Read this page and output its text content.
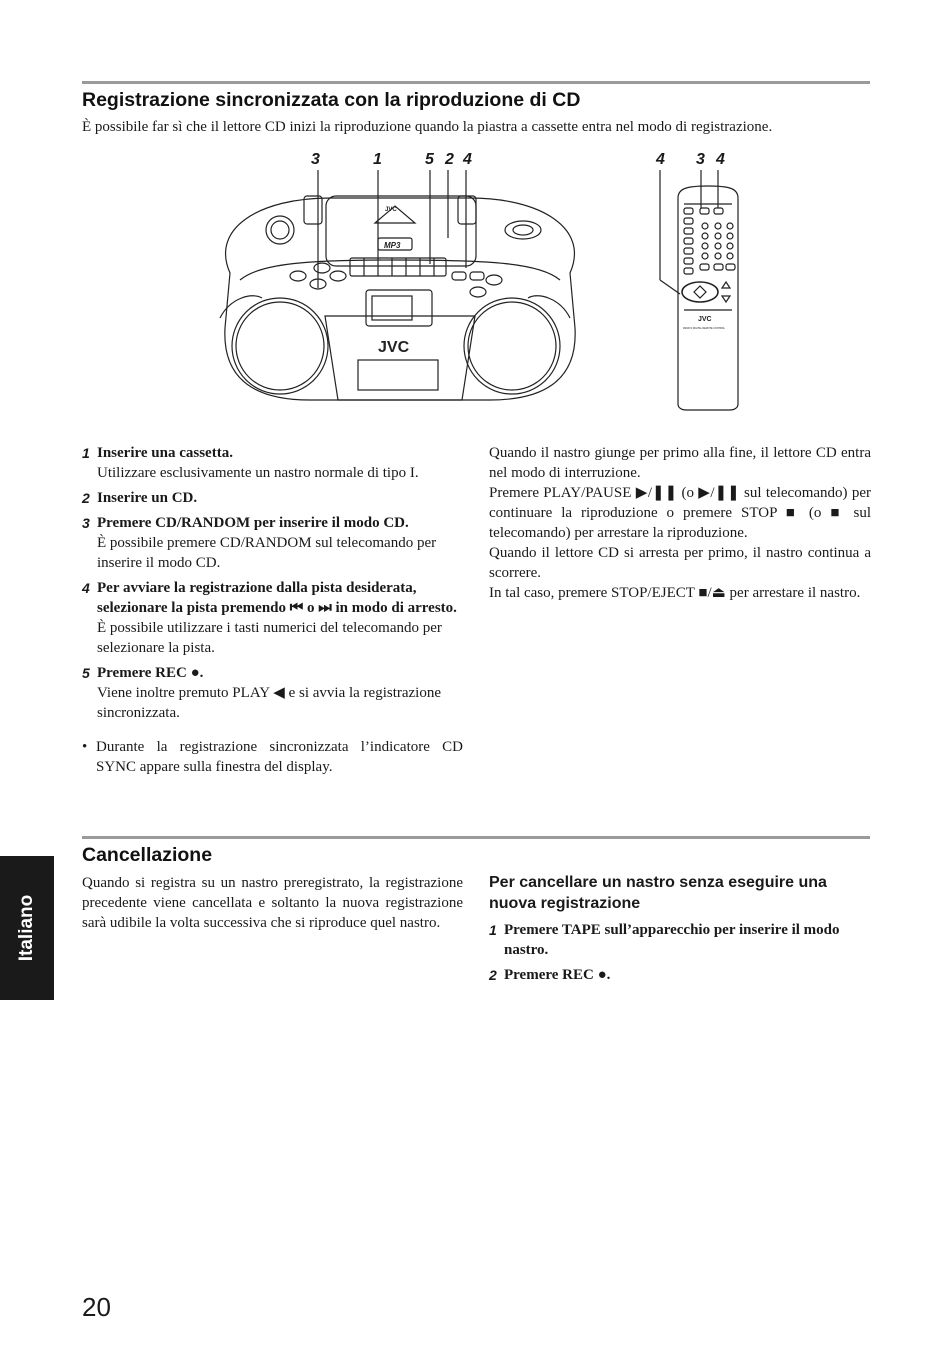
Registrazione sincronizzata con la riproduzione di CD
È possibile far sì che il lettore CD inizi la riproduzione quando la piastra a cassette entra nel modo di registrazione.
3	1	5 2 4	4 3 4
JVC
MP3
JVC
JVC
RM-RXJ DIGITAL REMOTE CONTROL
1 Inserire una cassetta.
Utilizzare esclusivamente un nastro normale di tipo I.
2 Inserire un CD.
3 Premere CD/RANDOM per inserire il modo CD.
È possibile premere CD/RANDOM sul telecomando per inserire il modo CD.
4 Per avviare la registrazione dalla pista desiderata, selezionare la pista premendo ⏮ o ⏭ in modo di arresto.
È possibile utilizzare i tasti numerici del telecomando per selezionare la pista.
5 Premere REC ●.
Viene inoltre premuto PLAY ◀ e si avvia la registrazione sincronizzata.
• Durante la registrazione sincronizzata l’indicatore CD SYNC appare sulla finestra del display.

Quando il nastro giunge per primo alla fine, il lettore CD entra nel modo di interruzione.

Premere PLAY/PAUSE ▶/❚❚ (o ▶/❚❚ sul telecomando) per continuare la riproduzione o premere STOP ■ (o ■ sul telecomando) per arrestare la riproduzione.

Quando il lettore CD si arresta per primo, il nastro continua a scorrere.

In tal caso, premere STOP/EJECT ■/⏏ per arrestare il nastro.

Cancellazione
Quando si registra su un nastro preregistrato, la registrazione precedente viene cancellata e soltanto la nuova registrazione sarà udibile la volta successiva che si riproduce quel nastro.
Per cancellare un nastro senza eseguire una nuova registrazione
1 Premere TAPE sull’apparecchio per inserire il modo nastro.
2 Premere REC ●.
Italiano
20
